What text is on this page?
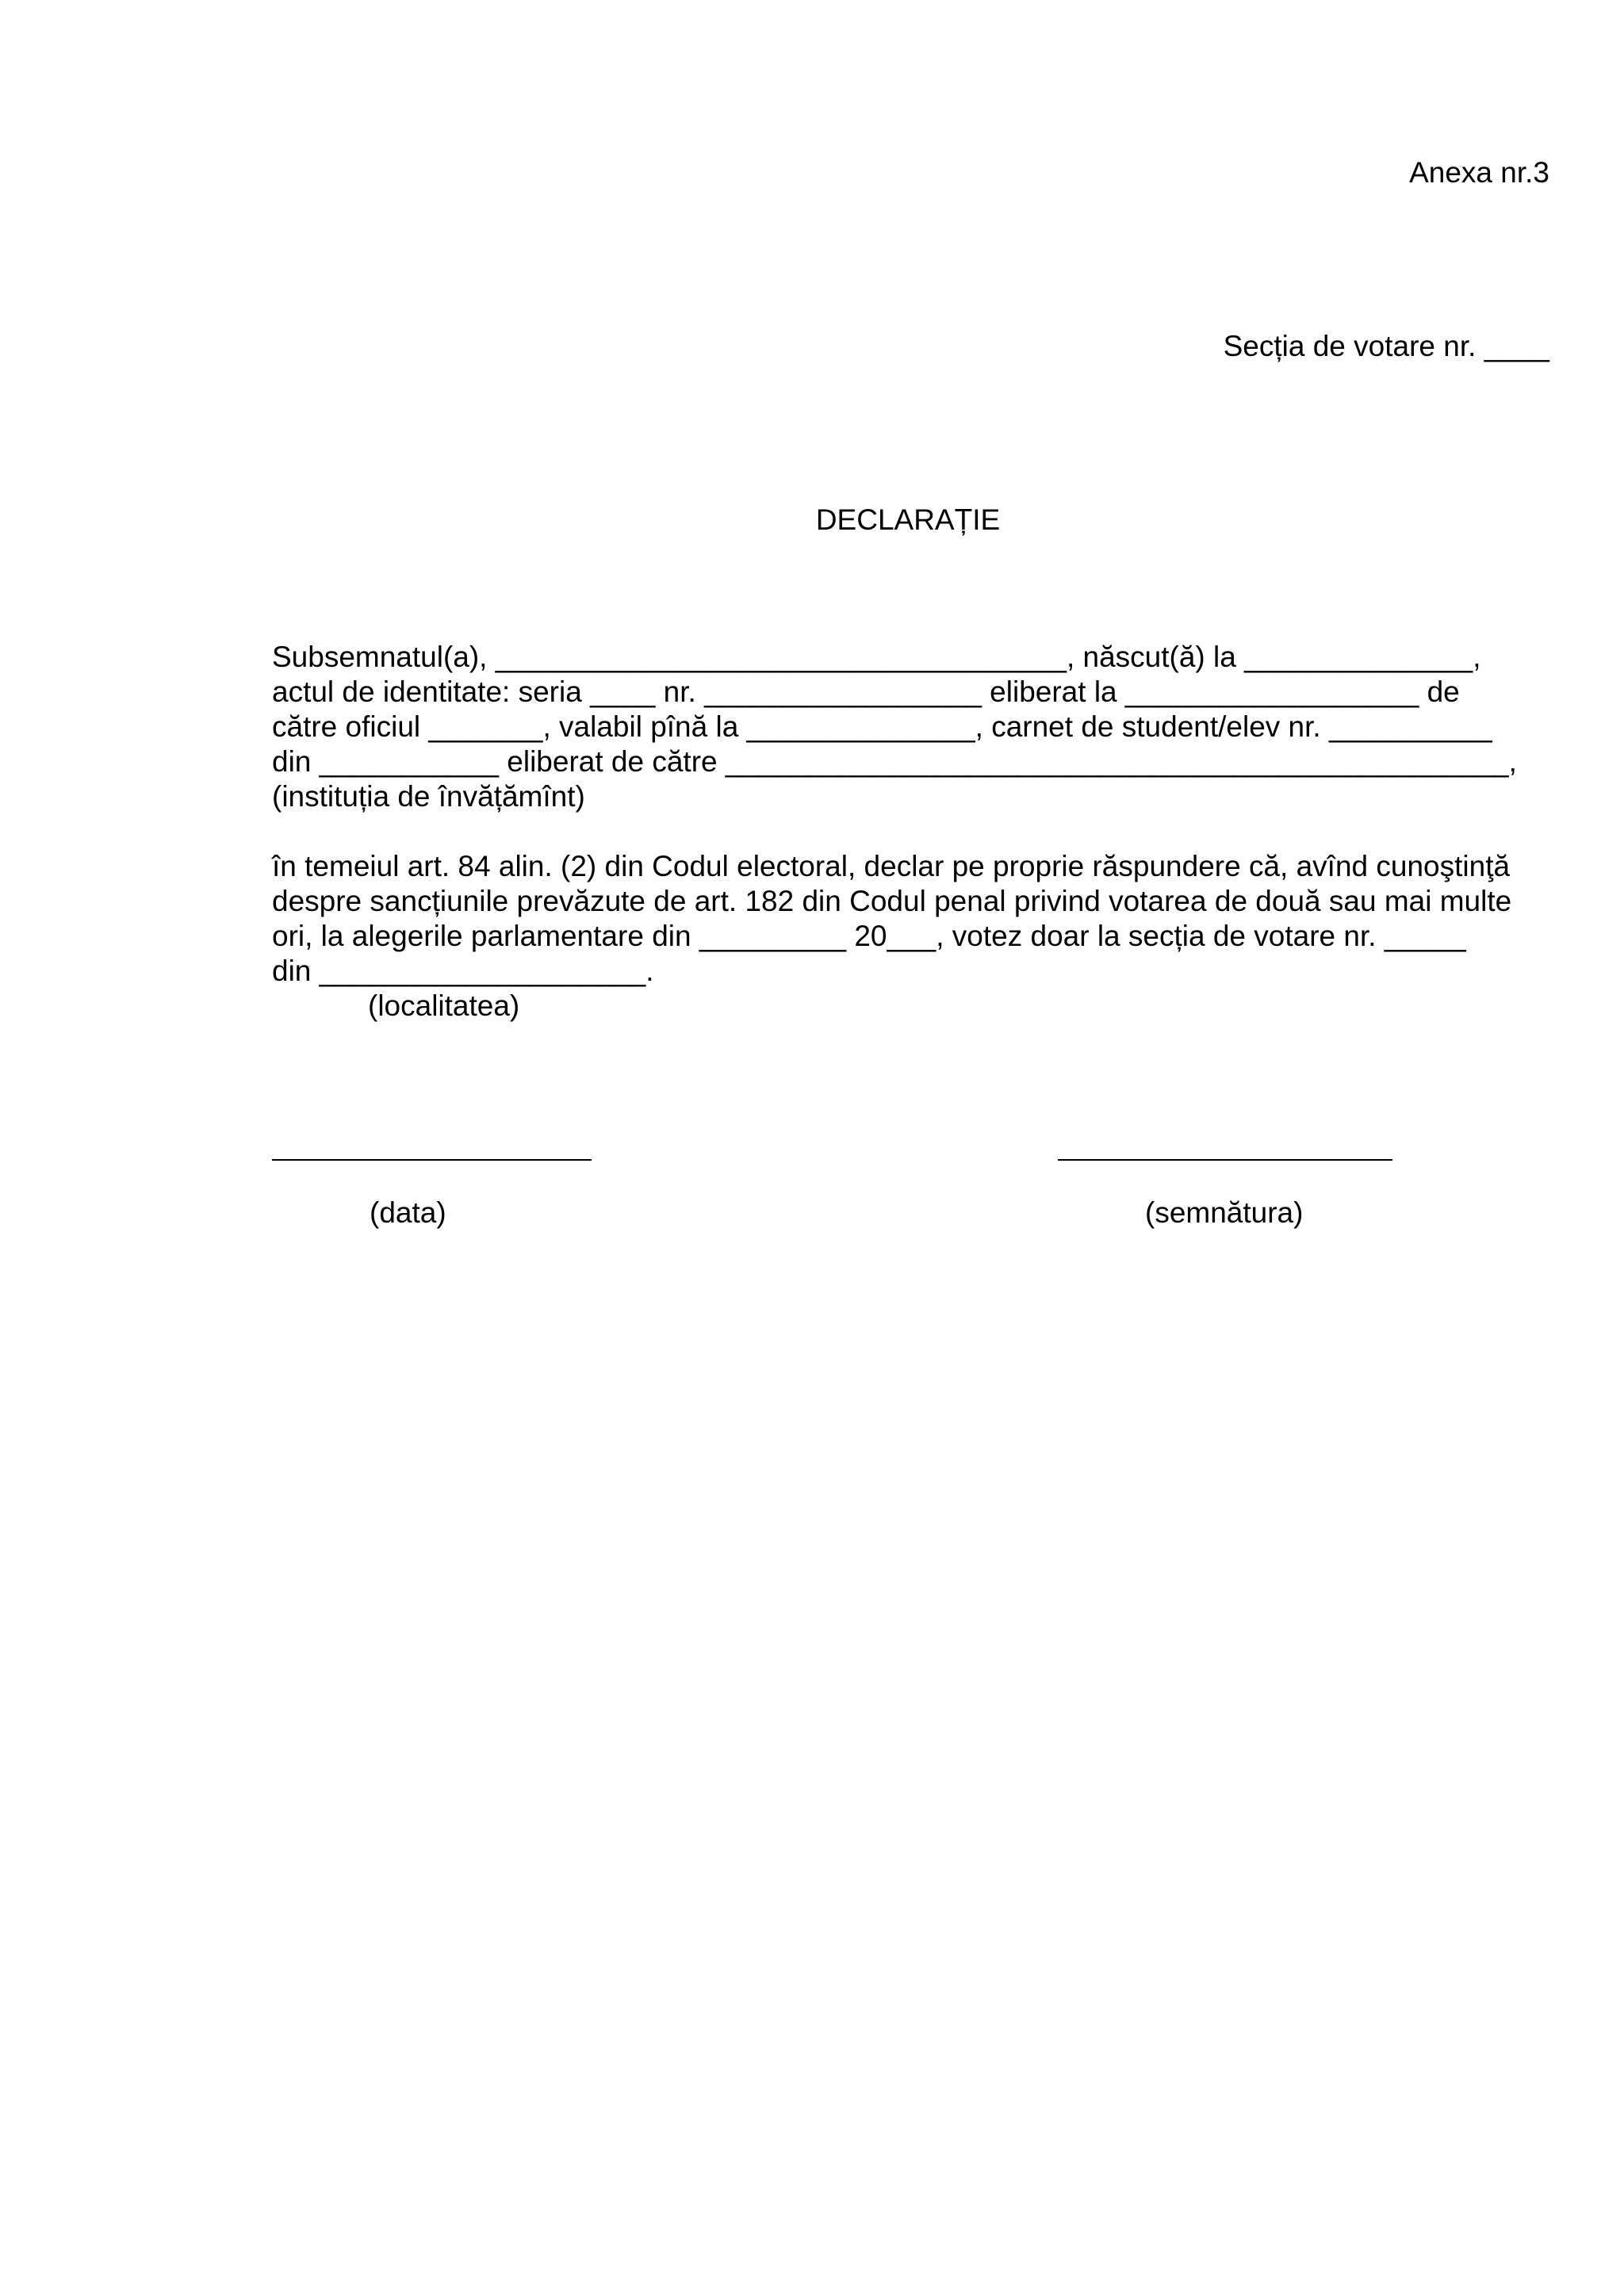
Anexa nr.3

Secția de votare nr. ____

DECLARAȚIE

Subsemnatul(a), ___________________________________, născut(ă) la ______________,

actul de identitate: seria ____ nr. _________________ eliberat la __________________ de

către oficiul _______, valabil pînă la ______________, carnet de student/elev nr. __________

din ___________ eliberat de către ________________________________________________,

(instituția de învățămînt)

în temeiul art. 84 alin. (2) din Codul electoral, declar pe proprie răspundere că, avînd cunoştinţă

despre sancțiunile prevăzute de art. 182 din Codul penal privind votarea de două sau mai multe

ori, la alegerile parlamentare din _________ 20___, votez doar la secția de votare nr. _____

din ____________________.

(localitatea)

(data)	(semnătura)
